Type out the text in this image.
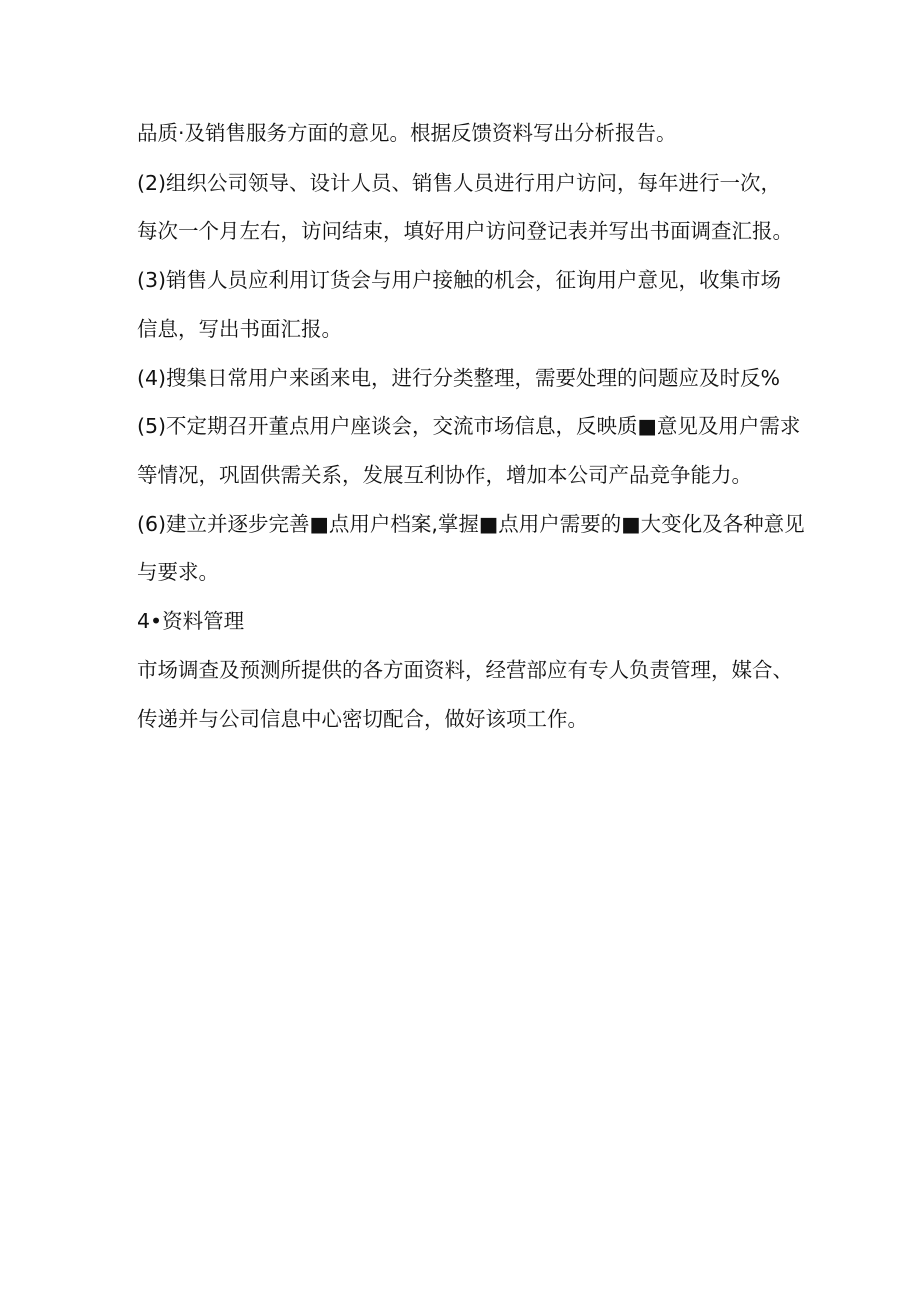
品质·及销售服务方面的意见。根据反馈资料写出分析报告。
(2)组织公司领导、设计人员、销售人员进行用户访问，每年进行一次，
每次一个月左右，访问结束，填好用户访问登记表并写出书面调查汇报。
(3)销售人员应利用订货会与用户接触的机会，征询用户意见，收集市场
信息，写出书面汇报。
(4)搜集日常用户来函来电，进行分类整理，需要处理的问题应及时反%
(5)不定期召开董点用户座谈会，交流市场信息，反映质■意见及用户需求
等情况，巩固供需关系，发展互利协作，增加本公司产品竞争能力。
(6)建立并逐步完善■点用户档案,掌握■点用户需要的■大变化及各种意见
与要求。
4•资料管理
市场调查及预测所提供的各方面资料，经营部应有专人负责管理，媒合、
传递并与公司信息中心密切配合，做好该项工作。
